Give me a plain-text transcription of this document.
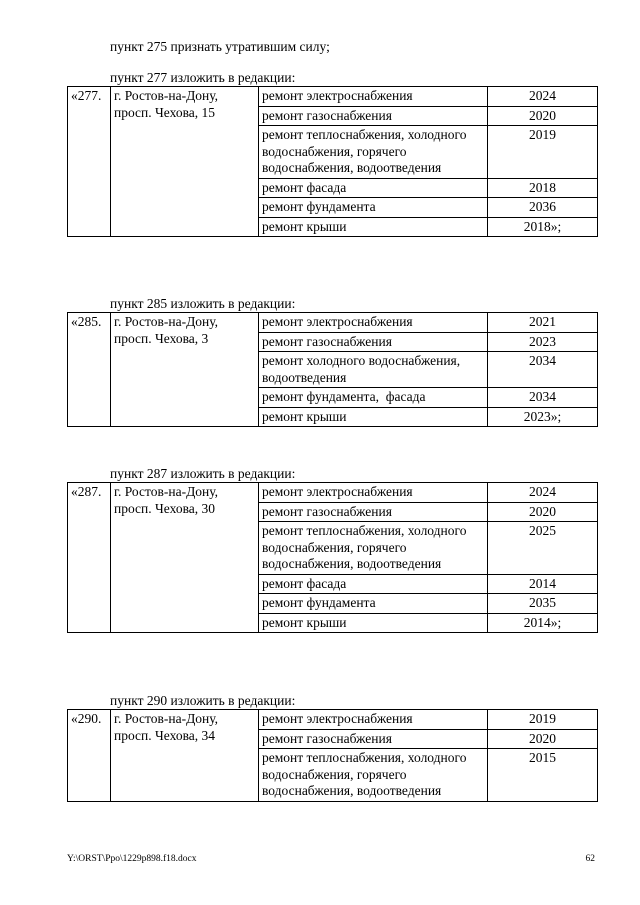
пункт 275 признать утратившим силу;
пункт 277 изложить в редакции:
«277.	г. Ростов-на-Дону,
просп. Чехова, 15	ремонт электроснабжения	2024
		ремонт газоснабжения	2020
		ремонт теплоснабжения, холодного водоснабжения, горячего водоснабжения, водоотведения	2019
		ремонт фасада	2018
		ремонт фундамента	2036
		ремонт крыши	2018»;
пункт 285 изложить в редакции:
«285.	г. Ростов-на-Дону,
просп. Чехова, 3	ремонт электроснабжения	2021
		ремонт газоснабжения	2023
		ремонт холодного водоснабжения, водоотведения	2034
		ремонт фундамента,  фасада	2034
		ремонт крыши	2023»;
пункт 287 изложить в редакции:
«287.	г. Ростов-на-Дону,
просп. Чехова, 30	ремонт электроснабжения	2024
		ремонт газоснабжения	2020
		ремонт теплоснабжения, холодного водоснабжения, горячего водоснабжения, водоотведения	2025
		ремонт фасада	2014
		ремонт фундамента	2035
		ремонт крыши	2014»;
пункт 290 изложить в редакции:
«290.	г. Ростов-на-Дону,
просп. Чехова, 34	ремонт электроснабжения	2019
		ремонт газоснабжения	2020
		ремонт теплоснабжения, холодного водоснабжения, горячего водоснабжения, водоотведения	2015
Y:\ORST\Ppo\1229p898.f18.docx	62
